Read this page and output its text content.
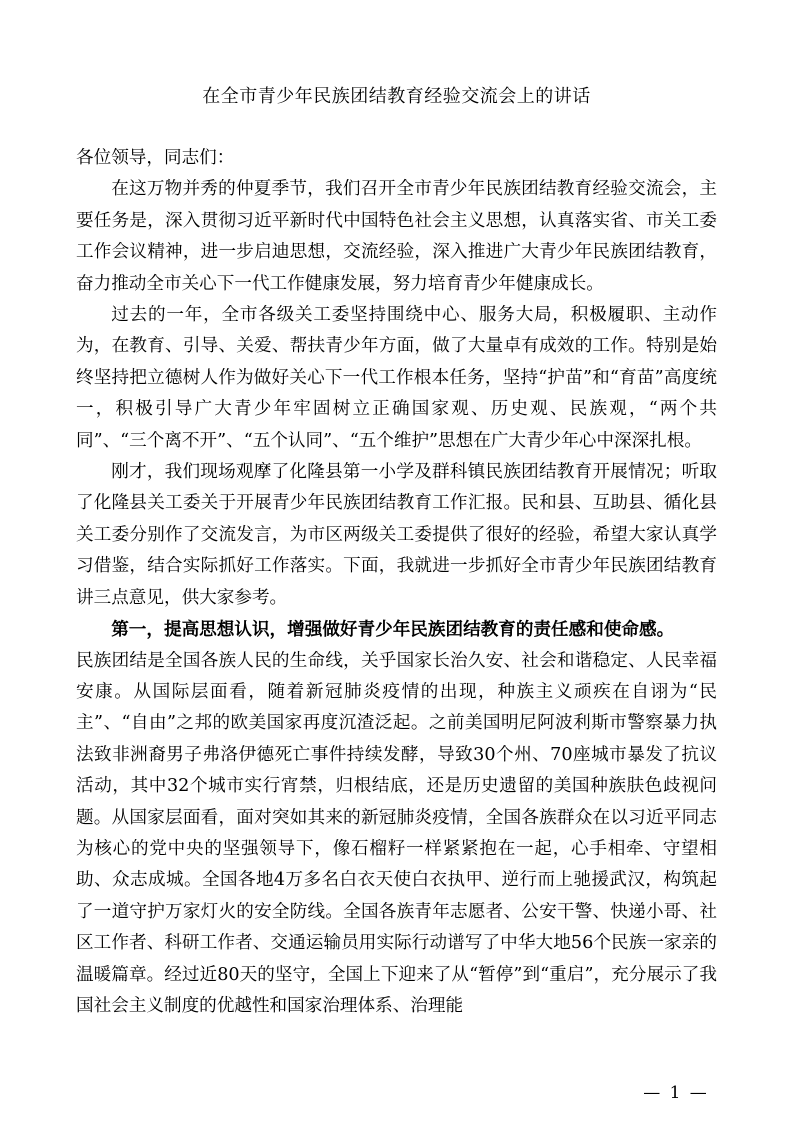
在全市青少年民族团结教育经验交流会上的讲话

各位领导，同志们：

在这万物并秀的仲夏季节，我们召开全市青少年民族团结教育经验交流会，主要任务是，深入贯彻习近平新时代中国特色社会主义思想，认真落实省、市关工委工作会议精神，进一步启迪思想，交流经验，深入推进广大青少年民族团结教育，奋力推动全市关心下一代工作健康发展，努力培育青少年健康成长。

过去的一年，全市各级关工委坚持围绕中心、服务大局，积极履职、主动作为，在教育、引导、关爱、帮扶青少年方面，做了大量卓有成效的工作。特别是始终坚持把立德树人作为做好关心下一代工作根本任务，坚持“护苗”和“育苗”高度统一，积极引导广大青少年牢固树立正确国家观、历史观、民族观，“两个共同”、“三个离不开”、“五个认同”、“五个维护”思想在广大青少年心中深深扎根。

刚才，我们现场观摩了化隆县第一小学及群科镇民族团结教育开展情况；听取了化隆县关工委关于开展青少年民族团结教育工作汇报。民和县、互助县、循化县关工委分别作了交流发言，为市区两级关工委提供了很好的经验，希望大家认真学习借鉴，结合实际抓好工作落实。下面，我就进一步抓好全市青少年民族团结教育讲三点意见，供大家参考。

第一，提高思想认识，增强做好青少年民族团结教育的责任感和使命感。

民族团结是全国各族人民的生命线，关乎国家长治久安、社会和谐稳定、人民幸福安康。从国际层面看，随着新冠肺炎疫情的出现，种族主义顽疾在自诩为“民主”、“自由”之邦的欧美国家再度沉渣泛起。之前美国明尼阿波利斯市警察暴力执法致非洲裔男子弗洛伊德死亡事件持续发酵，导致30个州、70座城市暴发了抗议活动，其中32个城市实行宵禁，归根结底，还是历史遗留的美国种族肤色歧视问题。从国家层面看，面对突如其来的新冠肺炎疫情，全国各族群众在以习近平同志为核心的党中央的坚强领导下，像石榴籽一样紧紧抱在一起，心手相牵、守望相助、众志成城。全国各地4万多名白衣天使白衣执甲、逆行而上驰援武汉，构筑起了一道守护万家灯火的安全防线。全国各族青年志愿者、公安干警、快递小哥、社区工作者、科研工作者、交通运输员用实际行动谱写了中华大地56个民族一家亲的温暖篇章。经过近80天的坚守，全国上下迎来了从“暂停”到“重启”，充分展示了我国社会主义制度的优越性和国家治理体系、治理能

— 1 —
